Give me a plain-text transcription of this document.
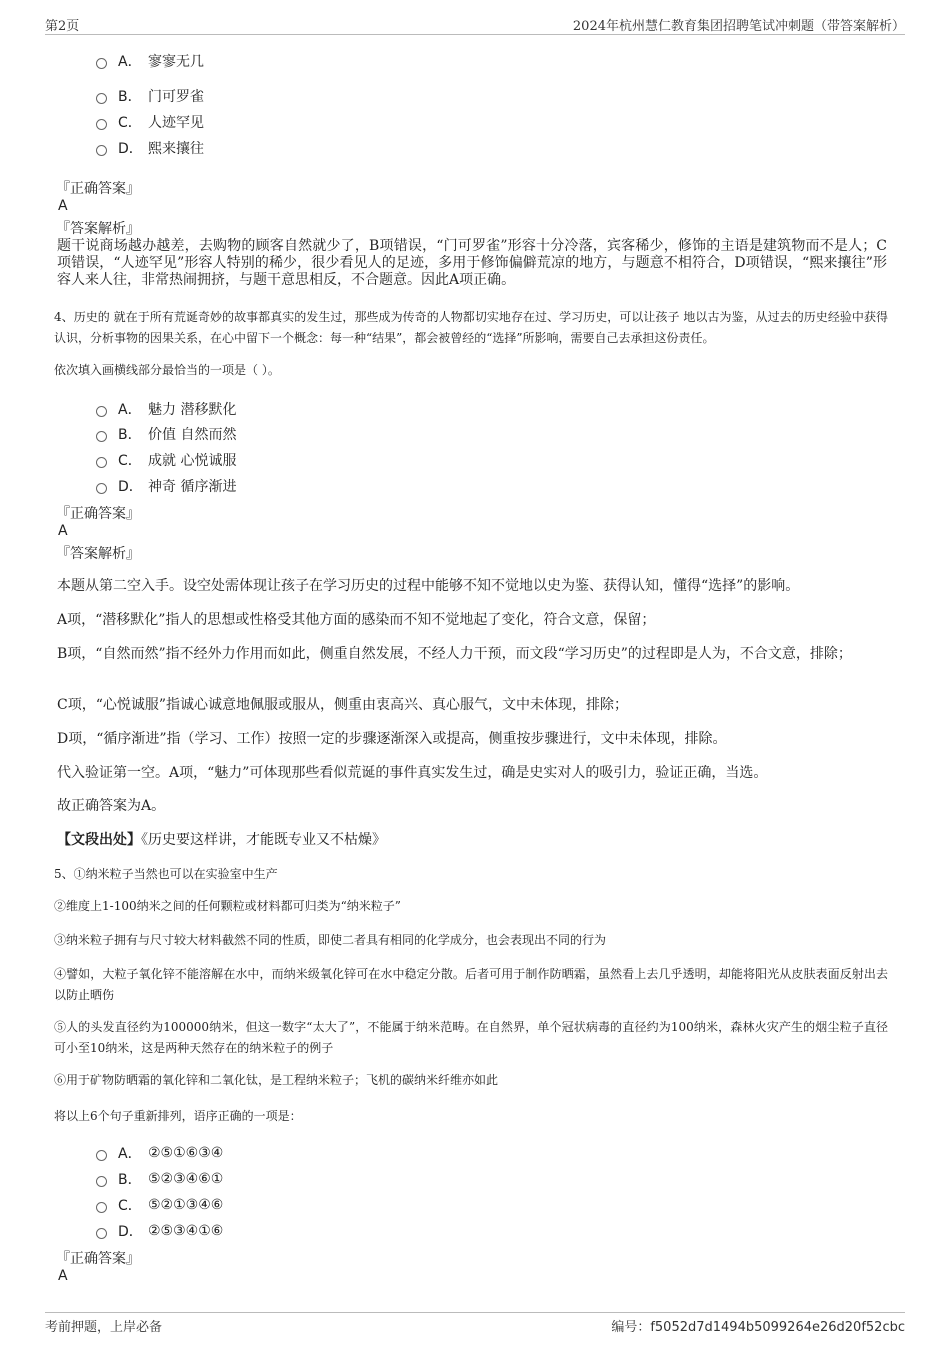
第2页	2024年杭州慧仁教育集团招聘笔试冲刺题（带答案解析）
A． 寥寥无几
B． 门可罗雀
C． 人迹罕见
D． 熙来攘往
『正确答案』
A
『答案解析』
题干说商场越办越差，去购物的顾客自然就少了，B项错误，“门可罗雀”形容十分冷落，宾客稀少，修饰的主语是建筑物而不是人；C项错误，“人迹罕见”形容人特别的稀少，很少看见人的足迹，多用于修饰偏僻荒凉的地方，与题意不相符合，D项错误，“熙来攘往”形容人来人往，非常热闹拥挤，与题干意思相反，不合题意。因此A项正确。
4、历史的 就在于所有荒诞奇妙的故事都真实的发生过，那些成为传奇的人物都切实地存在过、学习历史，可以让孩子 地以古为鉴，从过去的历史经验中获得认识，分析事物的因果关系，在心中留下一个概念：每一种“结果”，都会被曾经的“选择”所影响，需要自己去承担这份责任。
依次填入画横线部分最恰当的一项是（ ）。
A． 魅力 潜移默化
B． 价值 自然而然
C． 成就 心悦诚服
D． 神奇 循序渐进
『正确答案』
A
『答案解析』
本题从第二空入手。设空处需体现让孩子在学习历史的过程中能够不知不觉地以史为鉴、获得认知，懂得“选择”的影响。
A项，“潜移默化”指人的思想或性格受其他方面的感染而不知不觉地起了变化，符合文意，保留；
B项，“自然而然”指不经外力作用而如此，侧重自然发展，不经人力干预，而文段“学习历史”的过程即是人为，不合文意，排除；
C项，“心悦诚服”指诚心诚意地佩服或服从，侧重由衷高兴、真心服气，文中未体现，排除；
D项，“循序渐进”指（学习、工作）按照一定的步骤逐渐深入或提高，侧重按步骤进行，文中未体现，排除。
代入验证第一空。A项，“魅力”可体现那些看似荒诞的事件真实发生过，确是史实对人的吸引力，验证正确，当选。
故正确答案为A。
【文段出处】《历史要这样讲，才能既专业又不枯燥》
5、①纳米粒子当然也可以在实验室中生产
②维度上1-100纳米之间的任何颗粒或材料都可归类为“纳米粒子”
③纳米粒子拥有与尺寸较大材料截然不同的性质，即使二者具有相同的化学成分，也会表现出不同的行为
④譬如，大粒子氧化锌不能溶解在水中，而纳米级氧化锌可在水中稳定分散。后者可用于制作防晒霜，虽然看上去几乎透明，却能将阳光从皮肤表面反射出去以防止晒伤
⑤人的头发直径约为100000纳米，但这一数字“太大了”，不能属于纳米范畴。在自然界，单个冠状病毒的直径约为100纳米，森林火灾产生的烟尘粒子直径可小至10纳米，这是两种天然存在的纳米粒子的例子
⑥用于矿物防晒霜的氧化锌和二氧化钛，是工程纳米粒子；飞机的碳纳米纤维亦如此
将以上6个句子重新排列，语序正确的一项是：
A． ②⑤①⑥③④
B． ⑤②③④⑥①
C． ⑤②①③④⑥
D． ②⑤③④①⑥
『正确答案』
A
考前押题，上岸必备	编号：f5052d7d1494b5099264e26d20f52cbc
